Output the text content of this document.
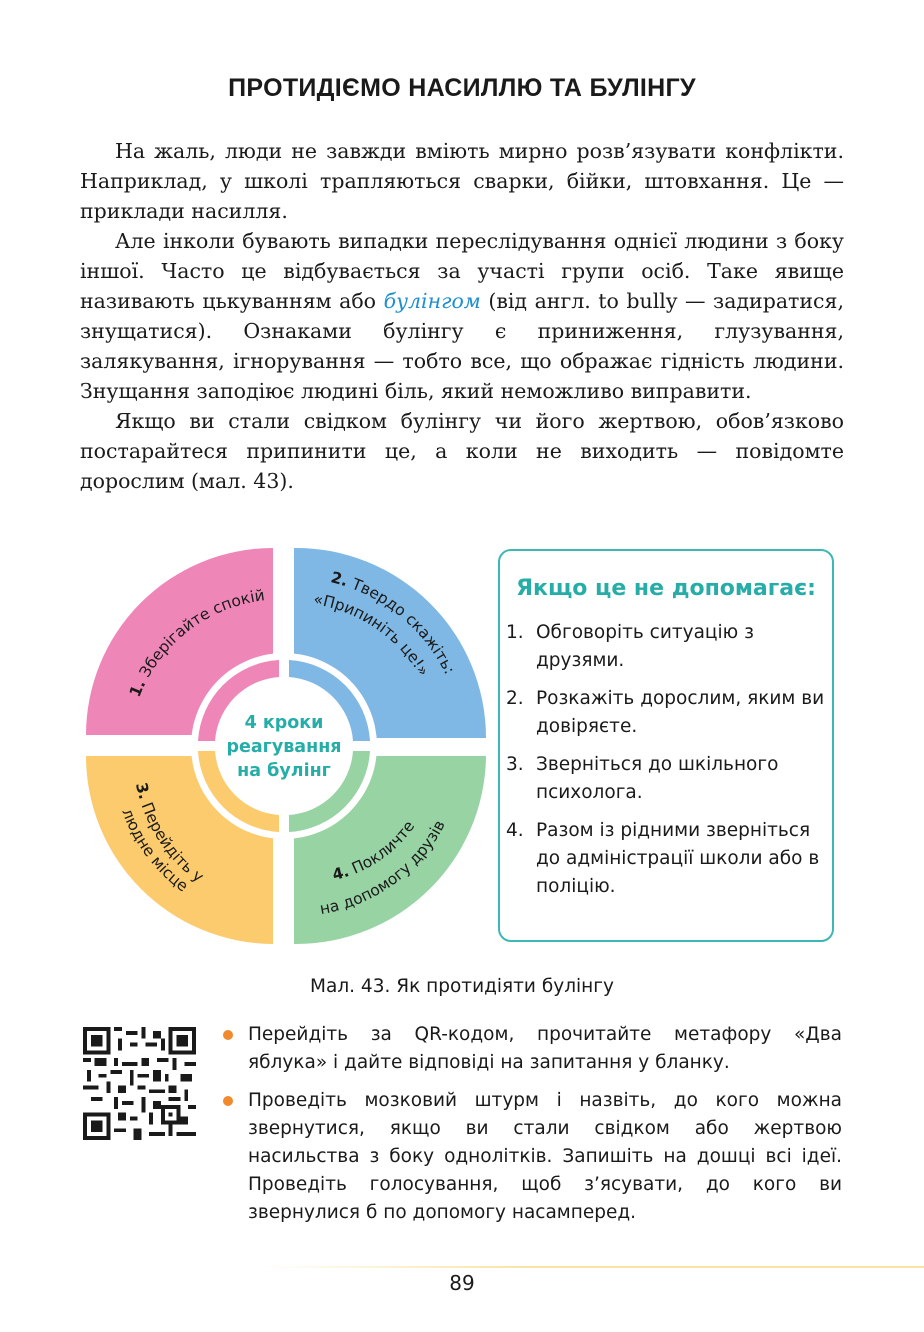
ПРОТИДІЄМО НАСИЛЛЮ ТА БУЛІНГУ

На жаль, люди не завжди вміють мирно розв’язувати конфлікти. Наприклад, у школі трапляються сварки, бійки, штовхання. Це — приклади насилля.

Але інколи бувають випадки переслідування однієї людини з боку іншої. Часто це відбувається за участі групи осіб. Таке явище називають цькуванням або булінгом (від англ. to bully — задиратися, знущатися). Ознаками булінгу є приниження, глузування, залякування, ігнорування — тобто все, що ображає гідність людини. Знущання заподіює людині біль, який неможливо виправити.

Якщо ви стали свідком булінгу чи його жертвою, обов’язково постарайтеся припинити це, а коли не виходить — повідомте дорослим (мал. 43).

4 кроки
реагування
на булінг
1. Зберігайте спокій
2. Твердо скажіть:
«Припиніть це!»
3. Перейдіть у
людне місце
4. Покличте
на допомогу друзів
Якщо це не допомагає:
1. Обговоріть ситуацію з друзями.
2. Розкажіть дорослим, яким ви довіряєте.
3. Зверніться до шкільного психолога.
4. Разом із рідними зверніться до адміністрації школи або в поліцію.
Мал. 43. Як протидіяти булінгу
Перейдіть за QR-кодом, прочитайте метафору «Два яблука» і дайте відповіді на запитання у бланку.
Проведіть мозковий штурм і назвіть, до кого можна звернутися, якщо ви стали свідком або жертвою насильства з боку однолітків. Запишіть на дошці всі ідеї. Проведіть голосування, щоб з’ясувати, до кого ви звернулися б по допомогу насамперед.
89
